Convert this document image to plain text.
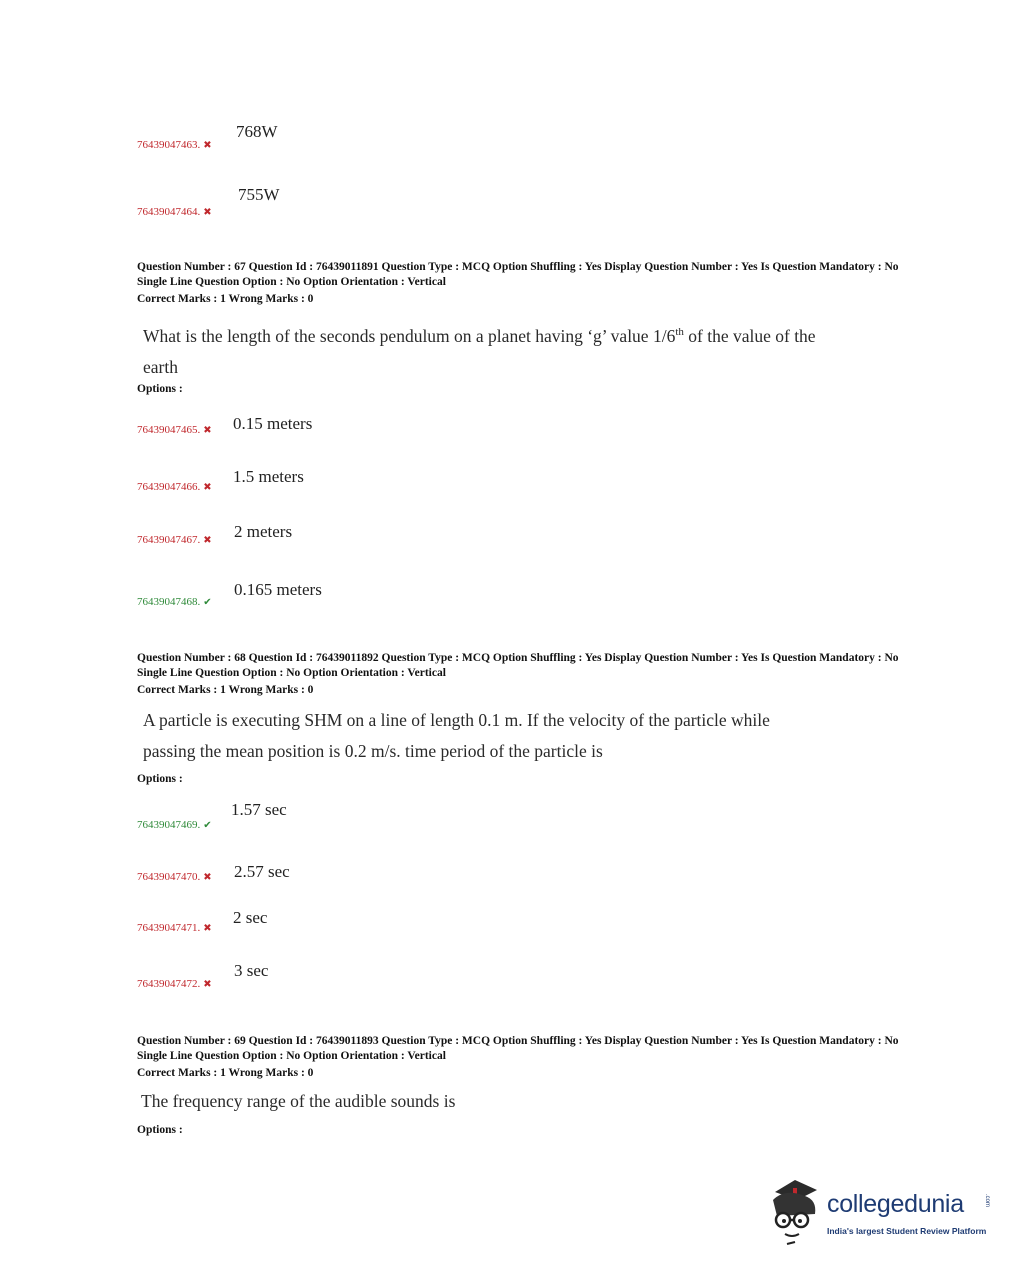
768W
76439047463. ✖
755W
76439047464. ✖
Question Number : 67 Question Id : 76439011891 Question Type : MCQ Option Shuffling : Yes Display Question Number : Yes Is Question Mandatory : No Single Line Question Option : No Option Orientation : Vertical
Correct Marks : 1 Wrong Marks : 0
What is the length of the seconds pendulum on a planet having ‘g’ value 1/6th of the value of the earth
Options :
76439047465. ✖ 0.15 meters
1.5 meters
76439047466. ✖
2 meters
76439047467. ✖
0.165 meters
76439047468. ✔
Question Number : 68 Question Id : 76439011892 Question Type : MCQ Option Shuffling : Yes Display Question Number : Yes Is Question Mandatory : No Single Line Question Option : No Option Orientation : Vertical
Correct Marks : 1 Wrong Marks : 0
A particle is executing SHM on a line of length 0.1 m. If the velocity of the particle while passing the mean position is 0.2 m/s. time period of the particle is
Options :
1.57 sec
76439047469. ✔
76439047470. ✖ 2.57 sec
2 sec
76439047471. ✖
3 sec
76439047472. ✖
Question Number : 69 Question Id : 76439011893 Question Type : MCQ Option Shuffling : Yes Display Question Number : Yes Is Question Mandatory : No Single Line Question Option : No Option Orientation : Vertical
Correct Marks : 1 Wrong Marks : 0
The frequency range of the audible sounds is
Options :
collegedunia	.com
India's largest Student Review Platform
